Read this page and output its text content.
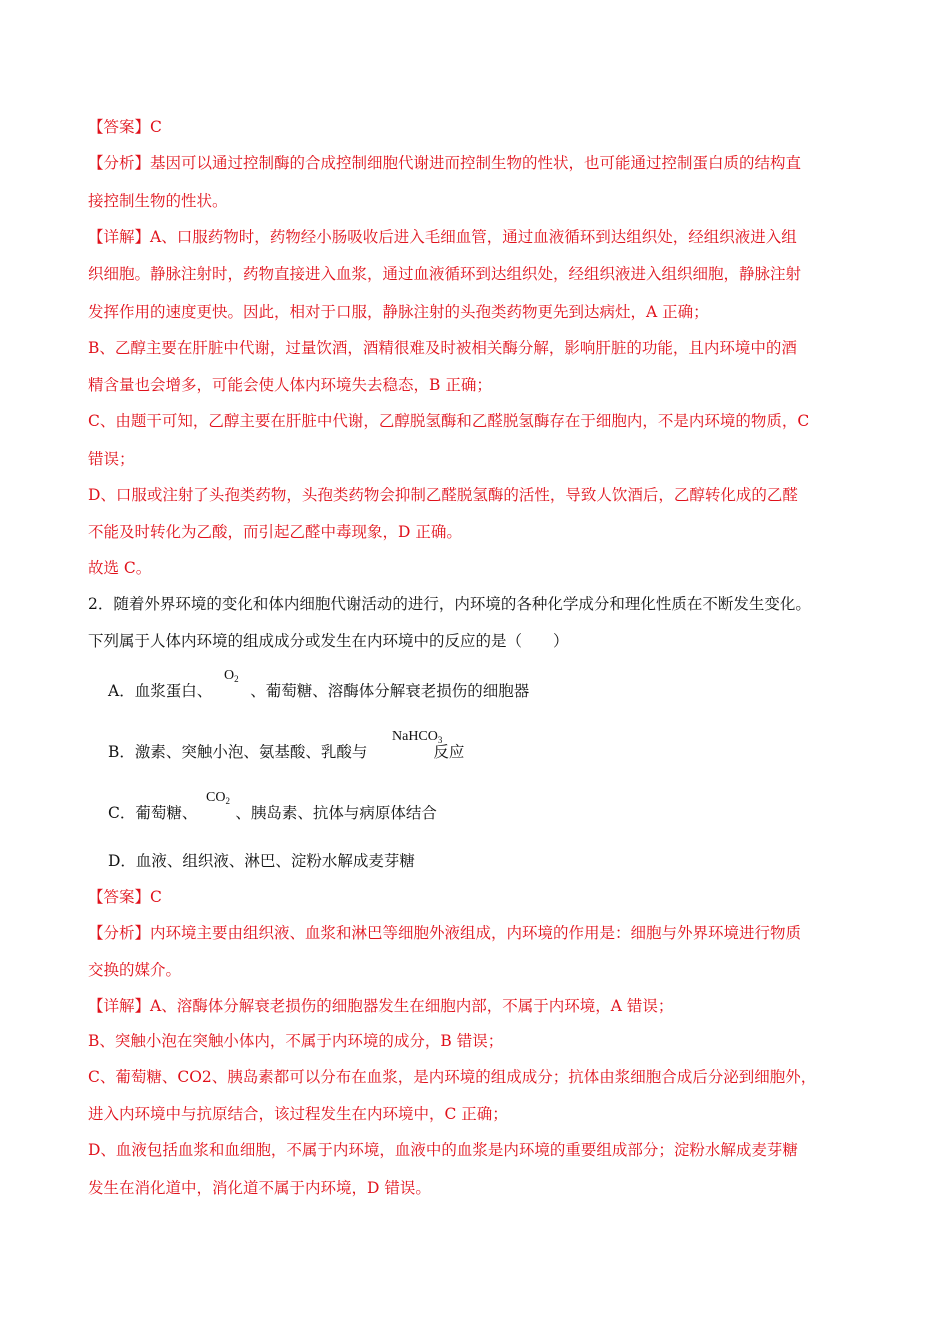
【答案】C
【分析】基因可以通过控制酶的合成控制细胞代谢进而控制生物的性状，也可能通过控制蛋白质的结构直
接控制生物的性状。
【详解】A、口服药物时，药物经小肠吸收后进入毛细血管，通过血液循环到达组织处，经组织液进入组
织细胞。静脉注射时，药物直接进入血浆，通过血液循环到达组织处，经组织液进入组织细胞，静脉注射
发挥作用的速度更快。因此，相对于口服，静脉注射的头孢类药物更先到达病灶，A 正确；
B、乙醇主要在肝脏中代谢，过量饮酒，酒精很难及时被相关酶分解，影响肝脏的功能，且内环境中的酒
精含量也会增多，可能会使人体内环境失去稳态，B 正确；
C、由题干可知，乙醇主要在肝脏中代谢，乙醇脱氢酶和乙醛脱氢酶存在于细胞内，不是内环境的物质，C
错误；
D、口服或注射了头孢类药物，头孢类药物会抑制乙醛脱氢酶的活性，导致人饮酒后，乙醇转化成的乙醛
不能及时转化为乙酸，而引起乙醛中毒现象，D 正确。
故选 C。
2．随着外界环境的变化和体内细胞代谢活动的进行，内环境的各种化学成分和理化性质在不断发生变化。
下列属于人体内环境的组成成分或发生在内环境中的反应的是（　　）
A．血浆蛋白、 、葡萄糖、溶酶体分解衰老损伤的细胞器
$O_2$
B．激素、突触小泡、氨基酸、乳酸与	反应
NaHCO$_3$
C．葡萄糖、 、胰岛素、抗体与病原体结合
$CO_2$
D．血液、组织液、淋巴、淀粉水解成麦芽糖
【答案】C
【分析】内环境主要由组织液、血浆和淋巴等细胞外液组成，内环境的作用是：细胞与外界环境进行物质
交换的媒介。
【详解】A、溶酶体分解衰老损伤的细胞器发生在细胞内部，不属于内环境，A 错误；
B、突触小泡在突触小体内，不属于内环境的成分，B 错误；
C、葡萄糖、CO2、胰岛素都可以分布在血浆，是内环境的组成成分；抗体由浆细胞合成后分泌到细胞外，
进入内环境中与抗原结合，该过程发生在内环境中，C 正确；
D、血液包括血浆和血细胞，不属于内环境，血液中的血浆是内环境的重要组成部分；淀粉水解成麦芽糖
发生在消化道中，消化道不属于内环境，D 错误。
